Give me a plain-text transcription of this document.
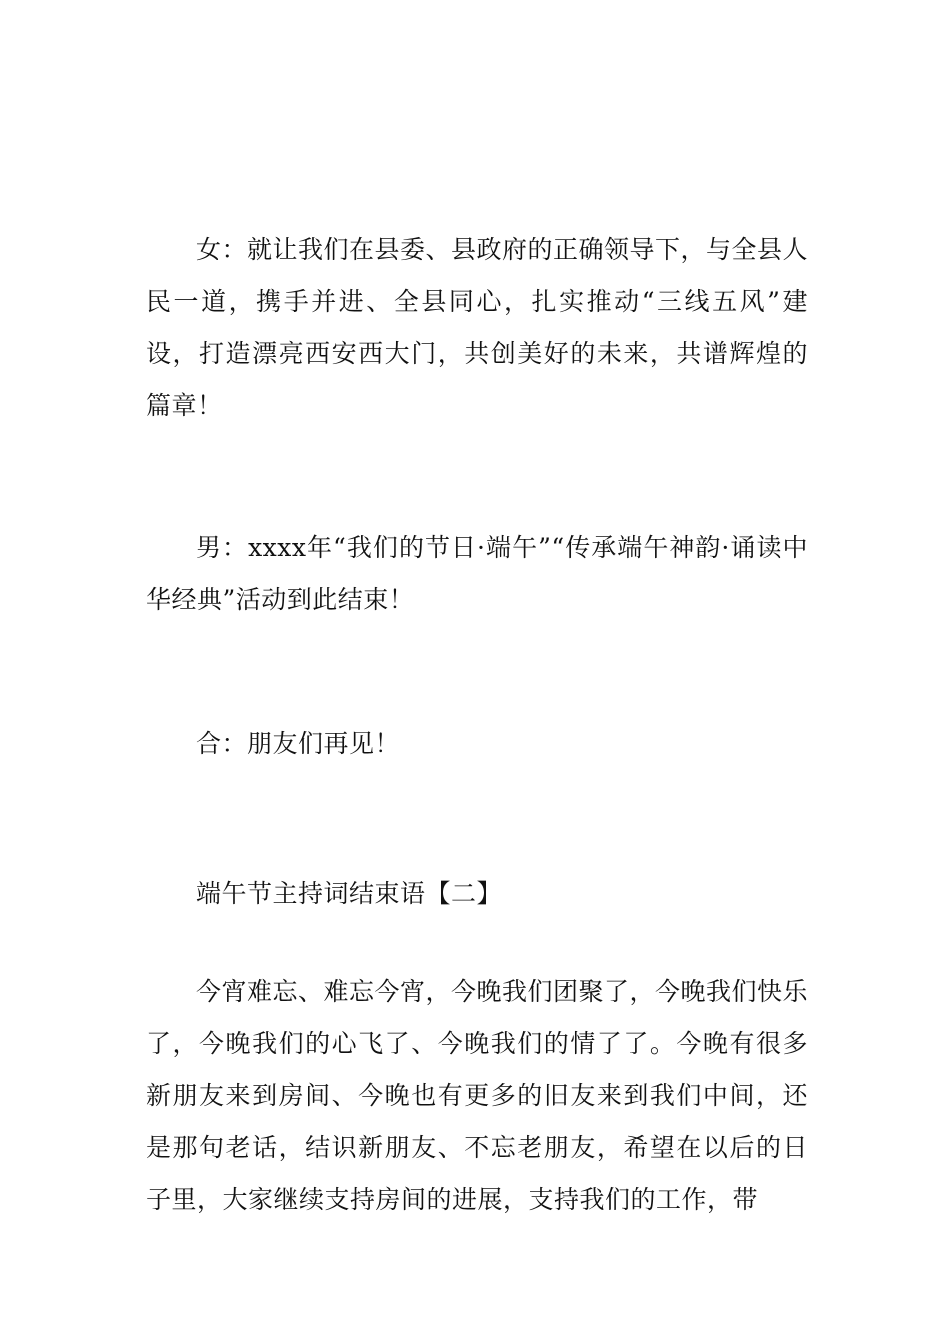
女：就让我们在县委、县政府的正确领导下，与全县人民一道，携手并进、全县同心，扎实推动“三线五风”建设，打造漂亮西安西大门，共创美好的未来，共谱辉煌的篇章！

男：xxxx年“我们的节日·端午”“传承端午神韵·诵读中华经典”活动到此结束！

合：朋友们再见！

端午节主持词结束语【二】

今宵难忘、难忘今宵，今晚我们团聚了，今晚我们快乐了，今晚我们的心飞了、今晚我们的情了了。今晚有很多新朋友来到房间、今晚也有更多的旧友来到我们中间，还是那句老话，结识新朋友、不忘老朋友，希望在以后的日子里，大家继续支持房间的进展，支持我们的工作，带
